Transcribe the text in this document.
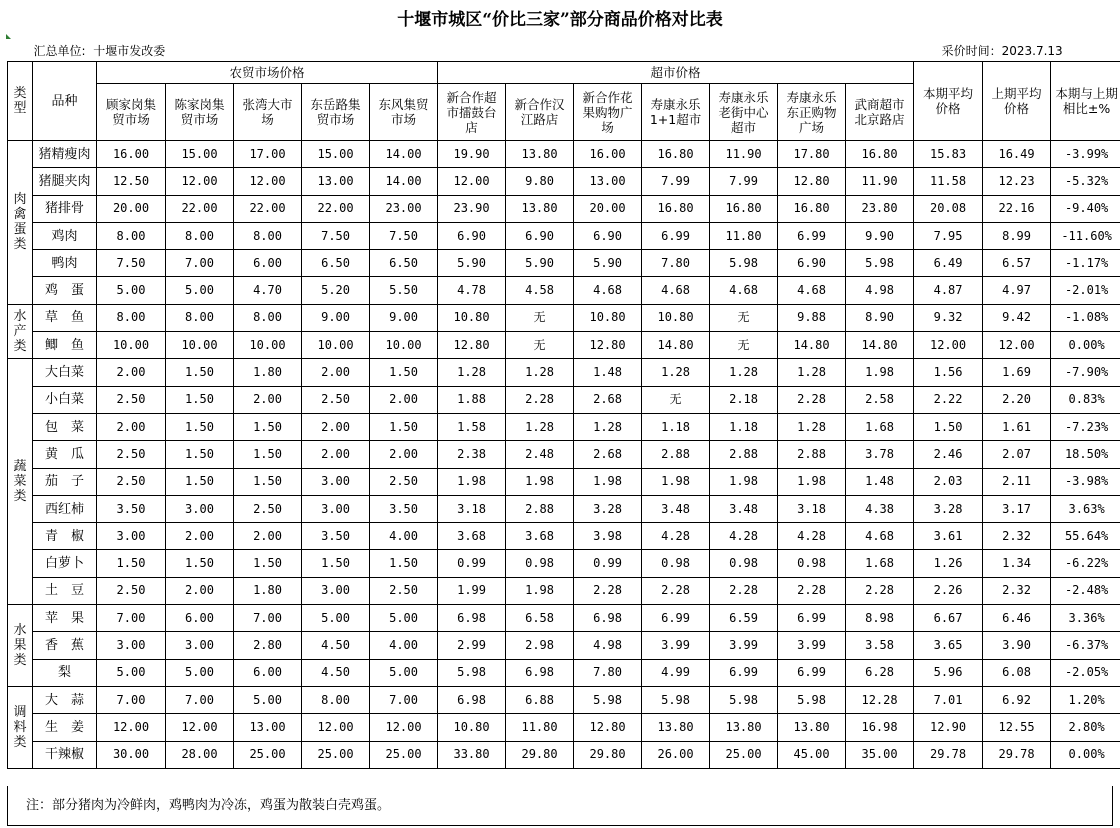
十堰市城区“价比三家”部分商品价格对比表
汇总单位: 十堰市发改委					采价时间：2023.7.13											
类型	品种	农贸市场价格					超市价格							本期平均价格	上期平均价格	本期与上期相比±%
		顾家岗集贸市场	陈家岗集贸市场	张湾大市场	东岳路集贸市场	东风集贸市场	新合作超市擂鼓台店	新合作汉江路店	新合作花果购物广场	寿康永乐1+1超市	寿康永乐老街中心超市	寿康永乐东正购物广场	武商超市北京路店			
肉禽蛋类	猪精瘦肉	16.00	15.00	17.00	15.00	14.00	19.90	13.80	16.00	16.80	11.90	17.80	16.80	15.83	16.49	-3.99%
	猪腿夹肉	12.50	12.00	12.00	13.00	14.00	12.00	9.80	13.00	7.99	7.99	12.80	11.90	11.58	12.23	-5.32%
	猪排骨	20.00	22.00	22.00	22.00	23.00	23.90	13.80	20.00	16.80	16.80	16.80	23.80	20.08	22.16	-9.40%
	鸡肉	8.00	8.00	8.00	7.50	7.50	6.90	6.90	6.90	6.99	11.80	6.99	9.90	7.95	8.99	-11.60%
	鸭肉	7.50	7.00	6.00	6.50	6.50	5.90	5.90	5.90	7.80	5.98	6.90	5.98	6.49	6.57	-1.17%
	鸡　蛋	5.00	5.00	4.70	5.20	5.50	4.78	4.58	4.68	4.68	4.68	4.68	4.98	4.87	4.97	-2.01%
水产类	草　鱼	8.00	8.00	8.00	9.00	9.00	10.80	无	10.80	10.80	无	9.88	8.90	9.32	9.42	-1.08%
	鲫　鱼	10.00	10.00	10.00	10.00	10.00	12.80	无	12.80	14.80	无	14.80	14.80	12.00	12.00	0.00%
蔬菜类	大白菜	2.00	1.50	1.80	2.00	1.50	1.28	1.28	1.48	1.28	1.28	1.28	1.98	1.56	1.69	-7.90%
	小白菜	2.50	1.50	2.00	2.50	2.00	1.88	2.28	2.68	无	2.18	2.28	2.58	2.22	2.20	0.83%
	包　菜	2.00	1.50	1.50	2.00	1.50	1.58	1.28	1.28	1.18	1.18	1.28	1.68	1.50	1.61	-7.23%
	黄　瓜	2.50	1.50	1.50	2.00	2.00	2.38	2.48	2.68	2.88	2.88	2.88	3.78	2.46	2.07	18.50%
	茄　子	2.50	1.50	1.50	3.00	2.50	1.98	1.98	1.98	1.98	1.98	1.98	1.48	2.03	2.11	-3.98%
	西红柿	3.50	3.00	2.50	3.00	3.50	3.18	2.88	3.28	3.48	3.48	3.18	4.38	3.28	3.17	3.63%
	青　椒	3.00	2.00	2.00	3.50	4.00	3.68	3.68	3.98	4.28	4.28	4.28	4.68	3.61	2.32	55.64%
	白萝卜	1.50	1.50	1.50	1.50	1.50	0.99	0.98	0.99	0.98	0.98	0.98	1.68	1.26	1.34	-6.22%
	土　豆	2.50	2.00	1.80	3.00	2.50	1.99	1.98	2.28	2.28	2.28	2.28	2.28	2.26	2.32	-2.48%
水果类	苹　果	7.00	6.00	7.00	5.00	5.00	6.98	6.58	6.98	6.99	6.59	6.99	8.98	6.67	6.46	3.36%
	香　蕉	3.00	3.00	2.80	4.50	4.00	2.99	2.98	4.98	3.99	3.99	3.99	3.58	3.65	3.90	-6.37%
	梨	5.00	5.00	6.00	4.50	5.00	5.98	6.98	7.80	4.99	6.99	6.99	6.28	5.96	6.08	-2.05%
调料类	大　蒜	7.00	7.00	5.00	8.00	7.00	6.98	6.88	5.98	5.98	5.98	5.98	12.28	7.01	6.92	1.20%
	生　姜	12.00	12.00	13.00	12.00	12.00	10.80	11.80	12.80	13.80	13.80	13.80	16.98	12.90	12.55	2.80%
	干辣椒	30.00	28.00	25.00	25.00	25.00	33.80	29.80	29.80	26.00	25.00	45.00	35.00	29.78	29.78	0.00%
注：部分猪肉为冷鲜肉，鸡鸭肉为冷冻，鸡蛋为散装白壳鸡蛋。
